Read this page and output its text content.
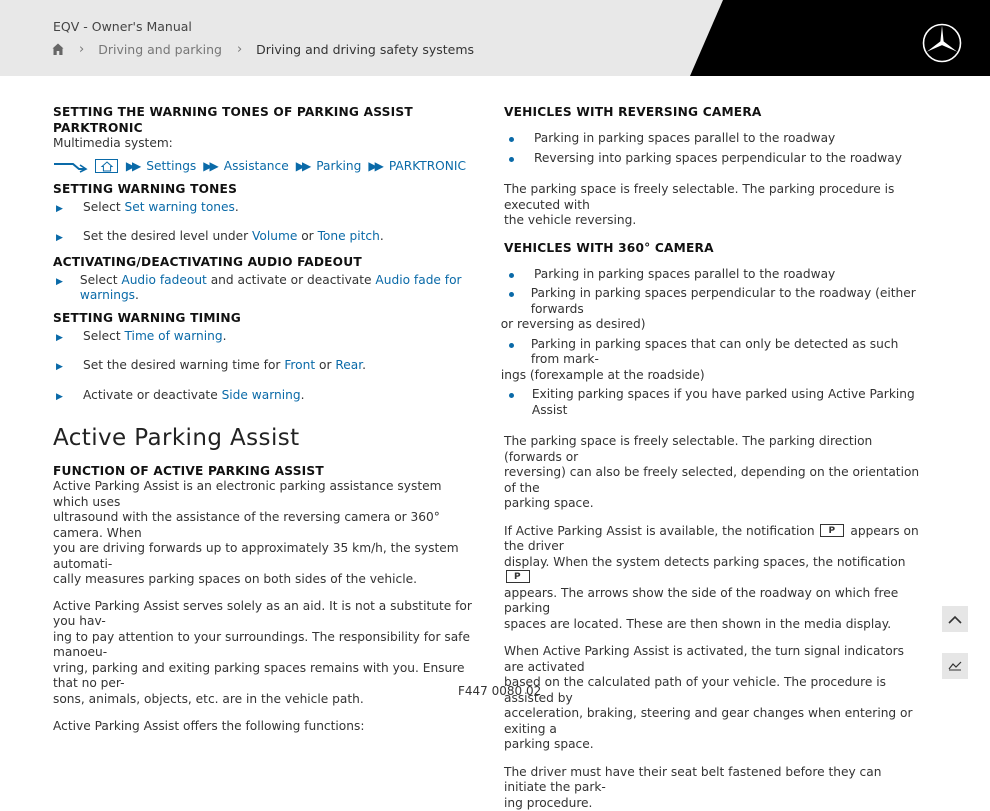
EQV - Owner's Manual
› Driving and parking › Driving and driving safety systems
SETTING THE WARNING TONES OF PARKING ASSIST PARKTRONIC

Multimedia system:

▶▶ Settings ▶▶ Assistance ▶▶ Parking ▶▶ PARKTRONIC
SETTING WARNING TONES
▶	Select Set warning tones.
▶	Set the desired level under Volume or Tone pitch.
ACTIVATING/DEACTIVATING AUDIO FADEOUT
▶	Select Audio fadeout and activate or deactivate Audio fade for warnings.
SETTING WARNING TIMING
▶	Select Time of warning.
▶	Set the desired warning time for Front or Rear.
▶	Activate or deactivate Side warning.
Active Parking Assist
FUNCTION OF ACTIVE PARKING ASSIST

Active Parking Assist is an electronic parking assistance system which uses
ultrasound with the assistance of the reversing camera or 360° camera. When
you are driving forwards up to approximately 35 km/h, the system automati-
cally measures parking spaces on both sides of the vehicle.

Active Parking Assist serves solely as an aid. It is not a substitute for you hav-
ing to pay attention to your surroundings. The responsibility for safe manoeu-
vring, parking and exiting parking spaces remains with you. Ensure that no per-
sons, animals, objects, etc. are in the vehicle path.

Active Parking Assist offers the following functions:

VEHICLES WITH REVERSING CAMERA
Parking in parking spaces parallel to the roadway
Reversing into parking spaces perpendicular to the roadway

The parking space is freely selectable. The parking procedure is executed with
the vehicle reversing.

VEHICLES WITH 360° CAMERA
Parking in parking spaces parallel to the roadway
Parking in parking spaces perpendicular to the roadway (either forwards
or reversing as desired)
Parking in parking spaces that can only be detected as such from mark-
ings (forexample at the roadside)
Exiting parking spaces if you have parked using Active Parking Assist

The parking space is freely selectable. The parking direction (forwards or
reversing) can also be freely selected, depending on the orientation of the
parking space.

If Active Parking Assist is available, the notification P appears on the driver
display. When the system detects parking spaces, the notification P
appears. The arrows show the side of the roadway on which free parking
spaces are located. These are then shown in the media display.

When Active Parking Assist is activated, the turn signal indicators are activated
based on the calculated path of your vehicle. The procedure is assisted by
acceleration, braking, steering and gear changes when entering or exiting a
parking space.

The driver must have their seat belt fastened before they can initiate the park-
ing procedure.

F447 0080 02
